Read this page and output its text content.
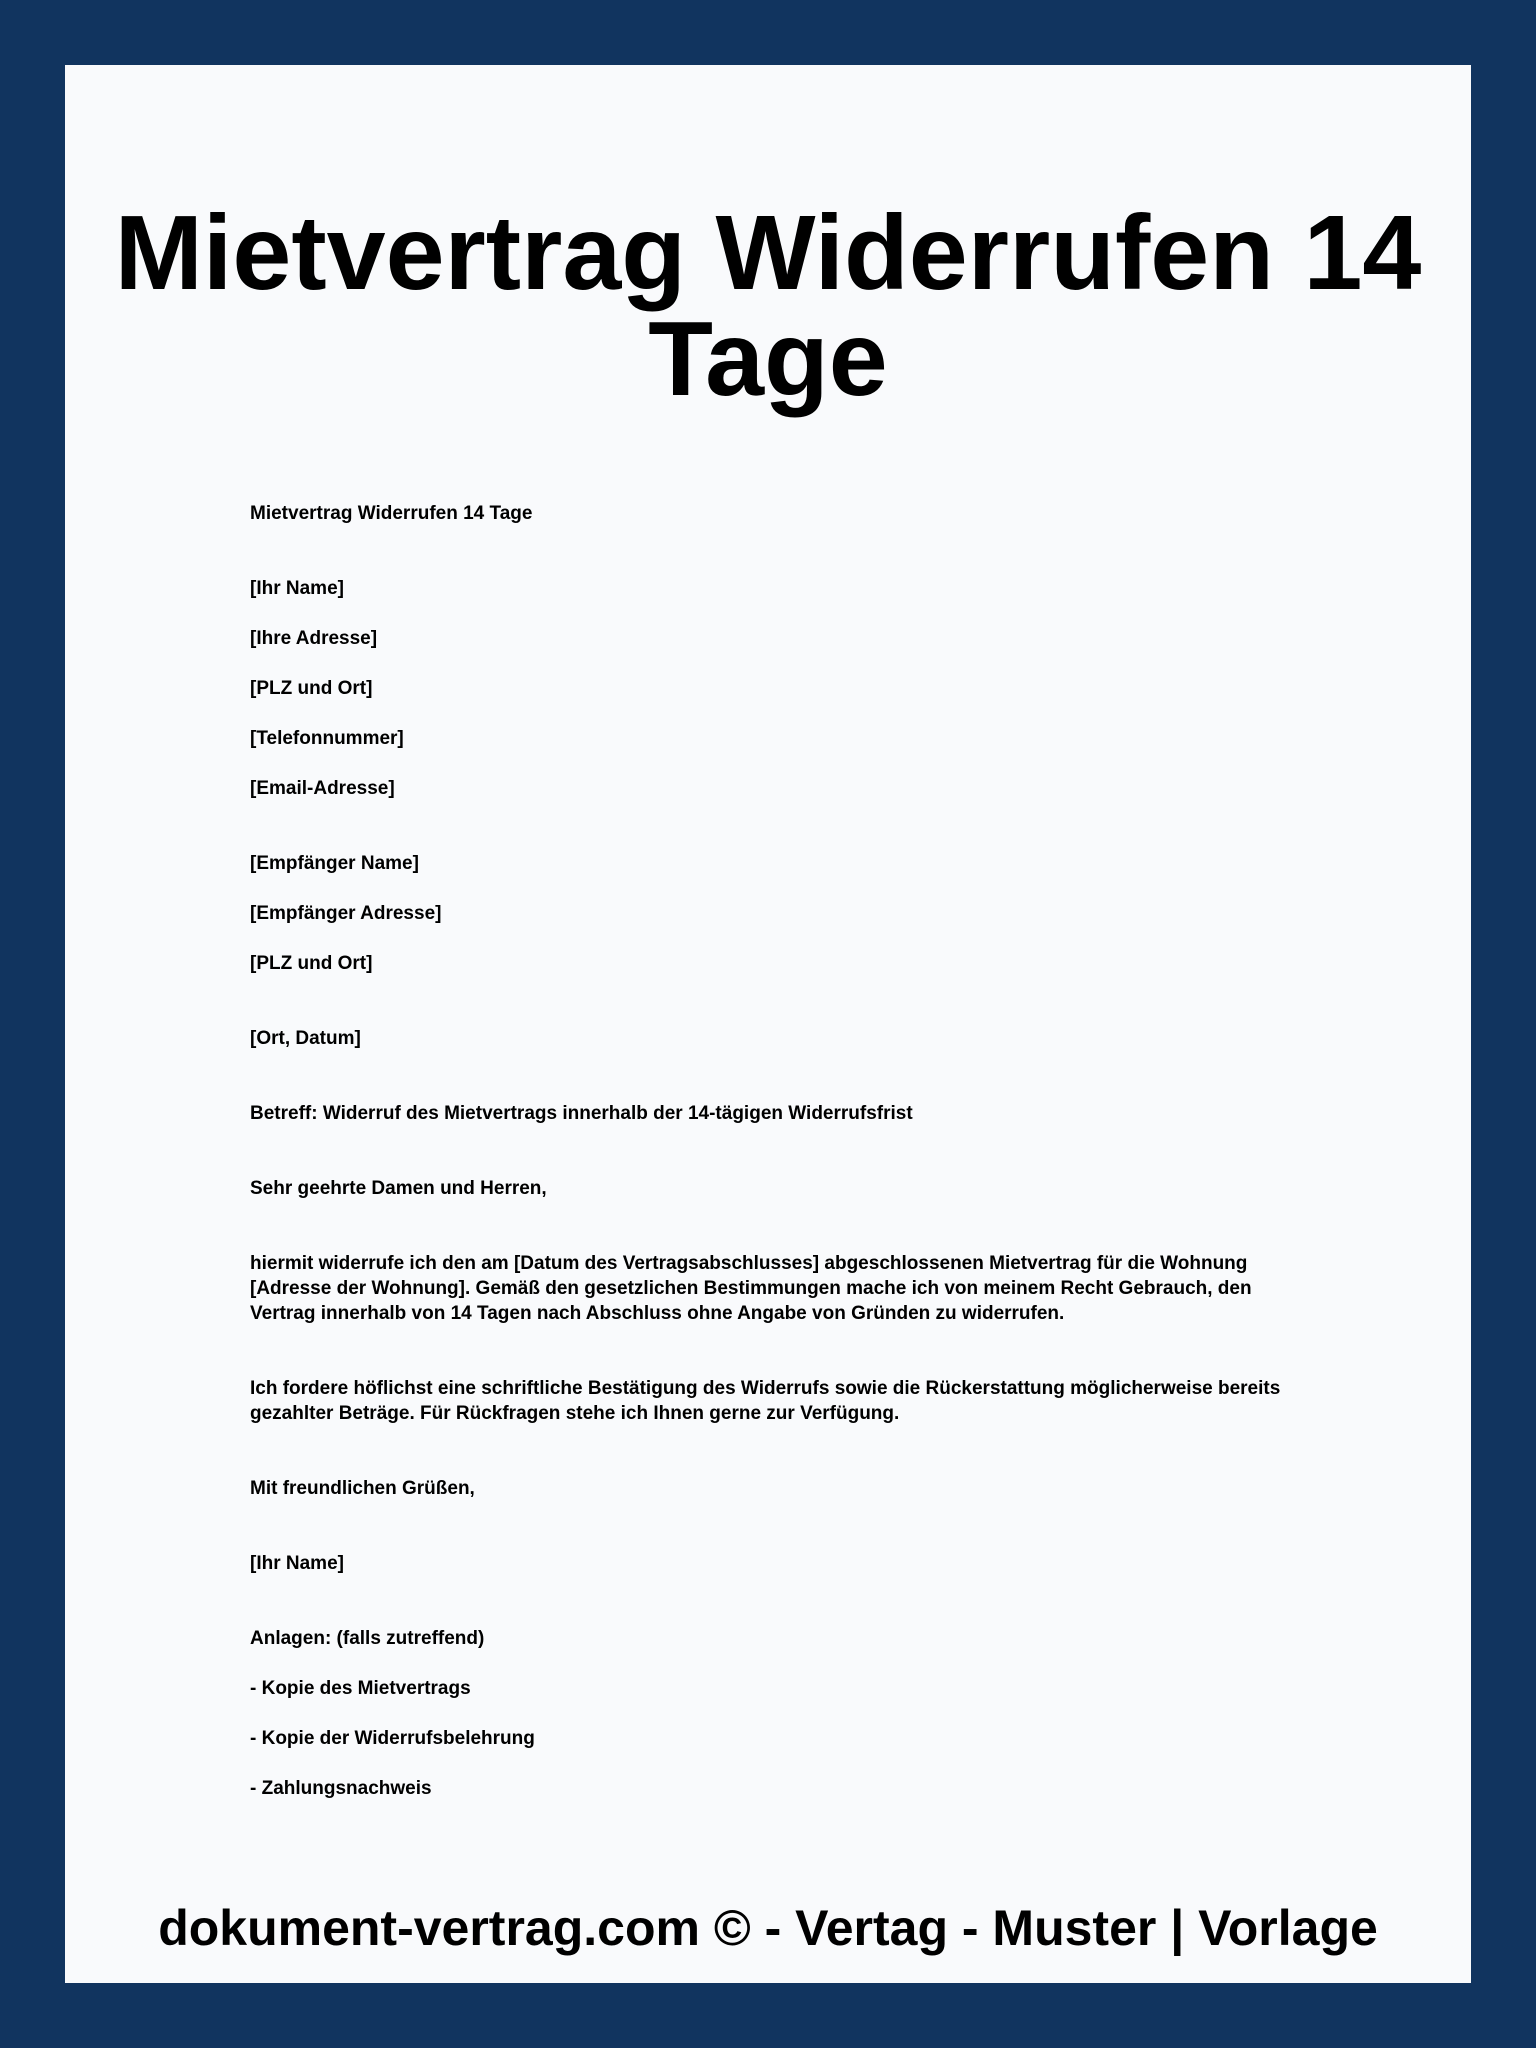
Mietvertrag Widerrufen 14 Tage
Mietvertrag Widerrufen 14 Tage
[Ihr Name]
[Ihre Adresse]
[PLZ und Ort]
[Telefonnummer]
[Email-Adresse]
[Empfänger Name]
[Empfänger Adresse]
[PLZ und Ort]
[Ort, Datum]
Betreff: Widerruf des Mietvertrags innerhalb der 14-tägigen Widerrufsfrist
Sehr geehrte Damen und Herren,
hiermit widerrufe ich den am [Datum des Vertragsabschlusses] abgeschlossenen Mietvertrag für die Wohnung [Adresse der Wohnung]. Gemäß den gesetzlichen Bestimmungen mache ich von meinem Recht Gebrauch, den Vertrag innerhalb von 14 Tagen nach Abschluss ohne Angabe von Gründen zu widerrufen.
Ich fordere höflichst eine schriftliche Bestätigung des Widerrufs sowie die Rückerstattung möglicherweise bereits gezahlter Beträge. Für Rückfragen stehe ich Ihnen gerne zur Verfügung.
Mit freundlichen Grüßen,
[Ihr Name]
Anlagen: (falls zutreffend)
- Kopie des Mietvertrags
- Kopie der Widerrufsbelehrung
- Zahlungsnachweis
dokument-vertrag.com © - Vertag - Muster | Vorlage
